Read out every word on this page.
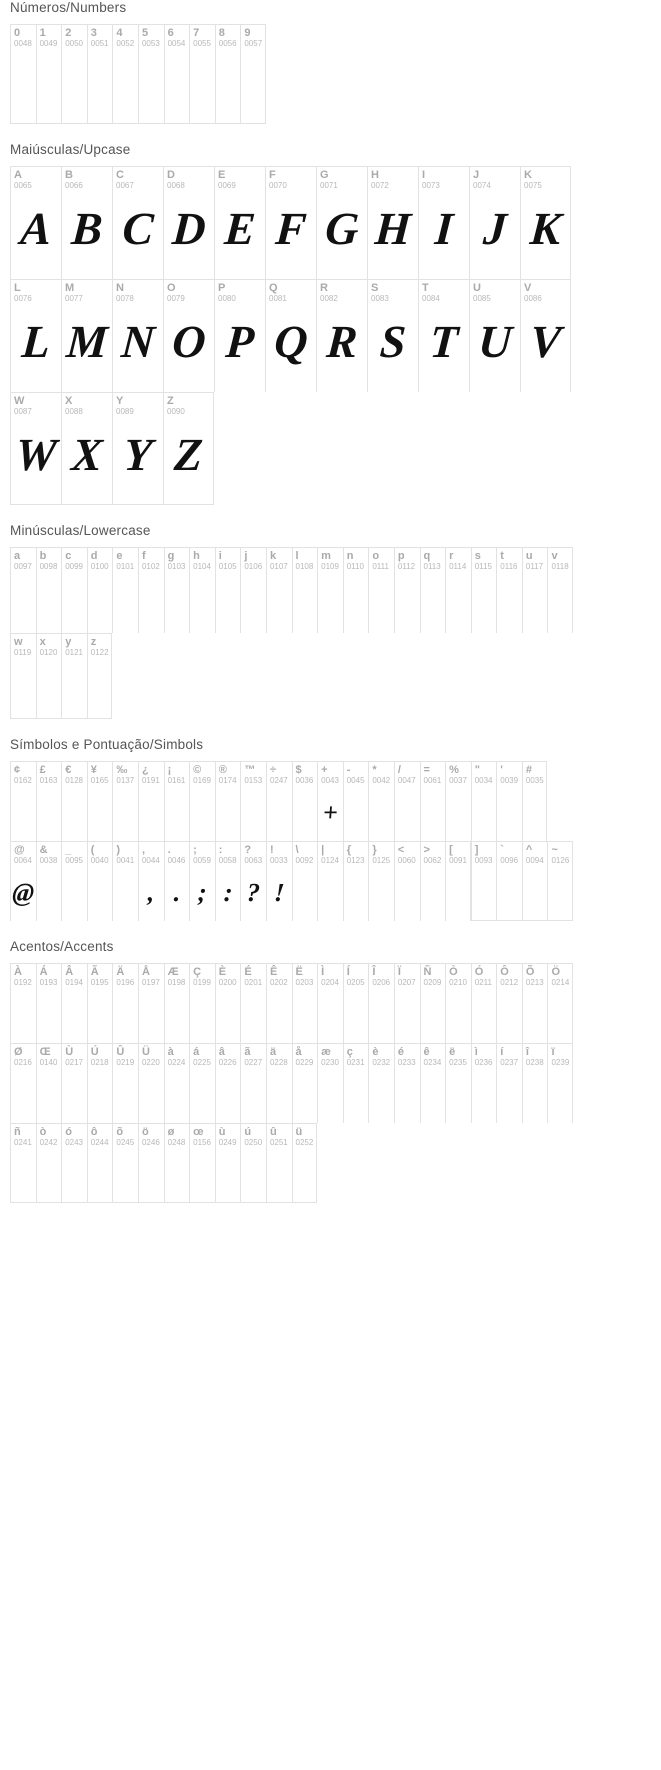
Números/Numbers
0
0048
1
0049
2
0050
3
0051
4
0052
5
0053
6
0054
7
0055
8
0056
9
0057
Maiúsculas/Upcase
A
0065
A
B
0066
B
C
0067
C
D
0068
D
E
0069
E
F
0070
F
G
0071
G
H
0072
H
I
0073
I
J
0074
J
K
0075
K
L
0076
L
M
0077
M
N
0078
N
O
0079
O
P
0080
P
Q
0081
Q
R
0082
R
S
0083
S
T
0084
T
U
0085
U
V
0086
V
W
0087
W
X
0088
X
Y
0089
Y
Z
0090
Z
Minúsculas/Lowercase
a
0097
b
0098
c
0099
d
0100
e
0101
f
0102
g
0103
h
0104
i
0105
j
0106
k
0107
l
0108
m
0109
n
0110
o
0111
p
0112
q
0113
r
0114
s
0115
t
0116
u
0117
v
0118
w
0119
x
0120
y
0121
z
0122
Símbolos e Pontuação/Simbols
¢
0162
£
0163
€
0128
¥
0165
‰
0137
¿
0191
¡
0161
©
0169
®
0174
™
0153
÷
0247
$
0036
+
0043
+
-
0045
*
0042
/
0047
=
0061
%
0037
"
0034
'
0039
#
0035
@
0064
@
&
0038
_
0095
(
0040
)
0041
,
0044
,
.
0046
.
;
0059
;
:
0058
:
?
0063
?
!
0033
!
\
0092
|
0124
{
0123
}
0125
<
0060
>
0062
[
0091
]
0093
`
0096
^
0094
~
0126
Acentos/Accents
À
0192
Á
0193
Â
0194
Ã
0195
Ä
0196
Å
0197
Æ
0198
Ç
0199
È
0200
É
0201
Ê
0202
Ë
0203
Ì
0204
Í
0205
Î
0206
Ï
0207
Ñ
0209
Ò
0210
Ó
0211
Ô
0212
Õ
0213
Ö
0214
Ø
0216
Œ
0140
Ù
0217
Ú
0218
Û
0219
Ü
0220
à
0224
á
0225
â
0226
ã
0227
ä
0228
å
0229
æ
0230
ç
0231
è
0232
é
0233
ê
0234
ë
0235
ì
0236
í
0237
î
0238
ï
0239
ñ
0241
ò
0242
ó
0243
ô
0244
õ
0245
ö
0246
ø
0248
œ
0156
ù
0249
ú
0250
û
0251
ü
0252
